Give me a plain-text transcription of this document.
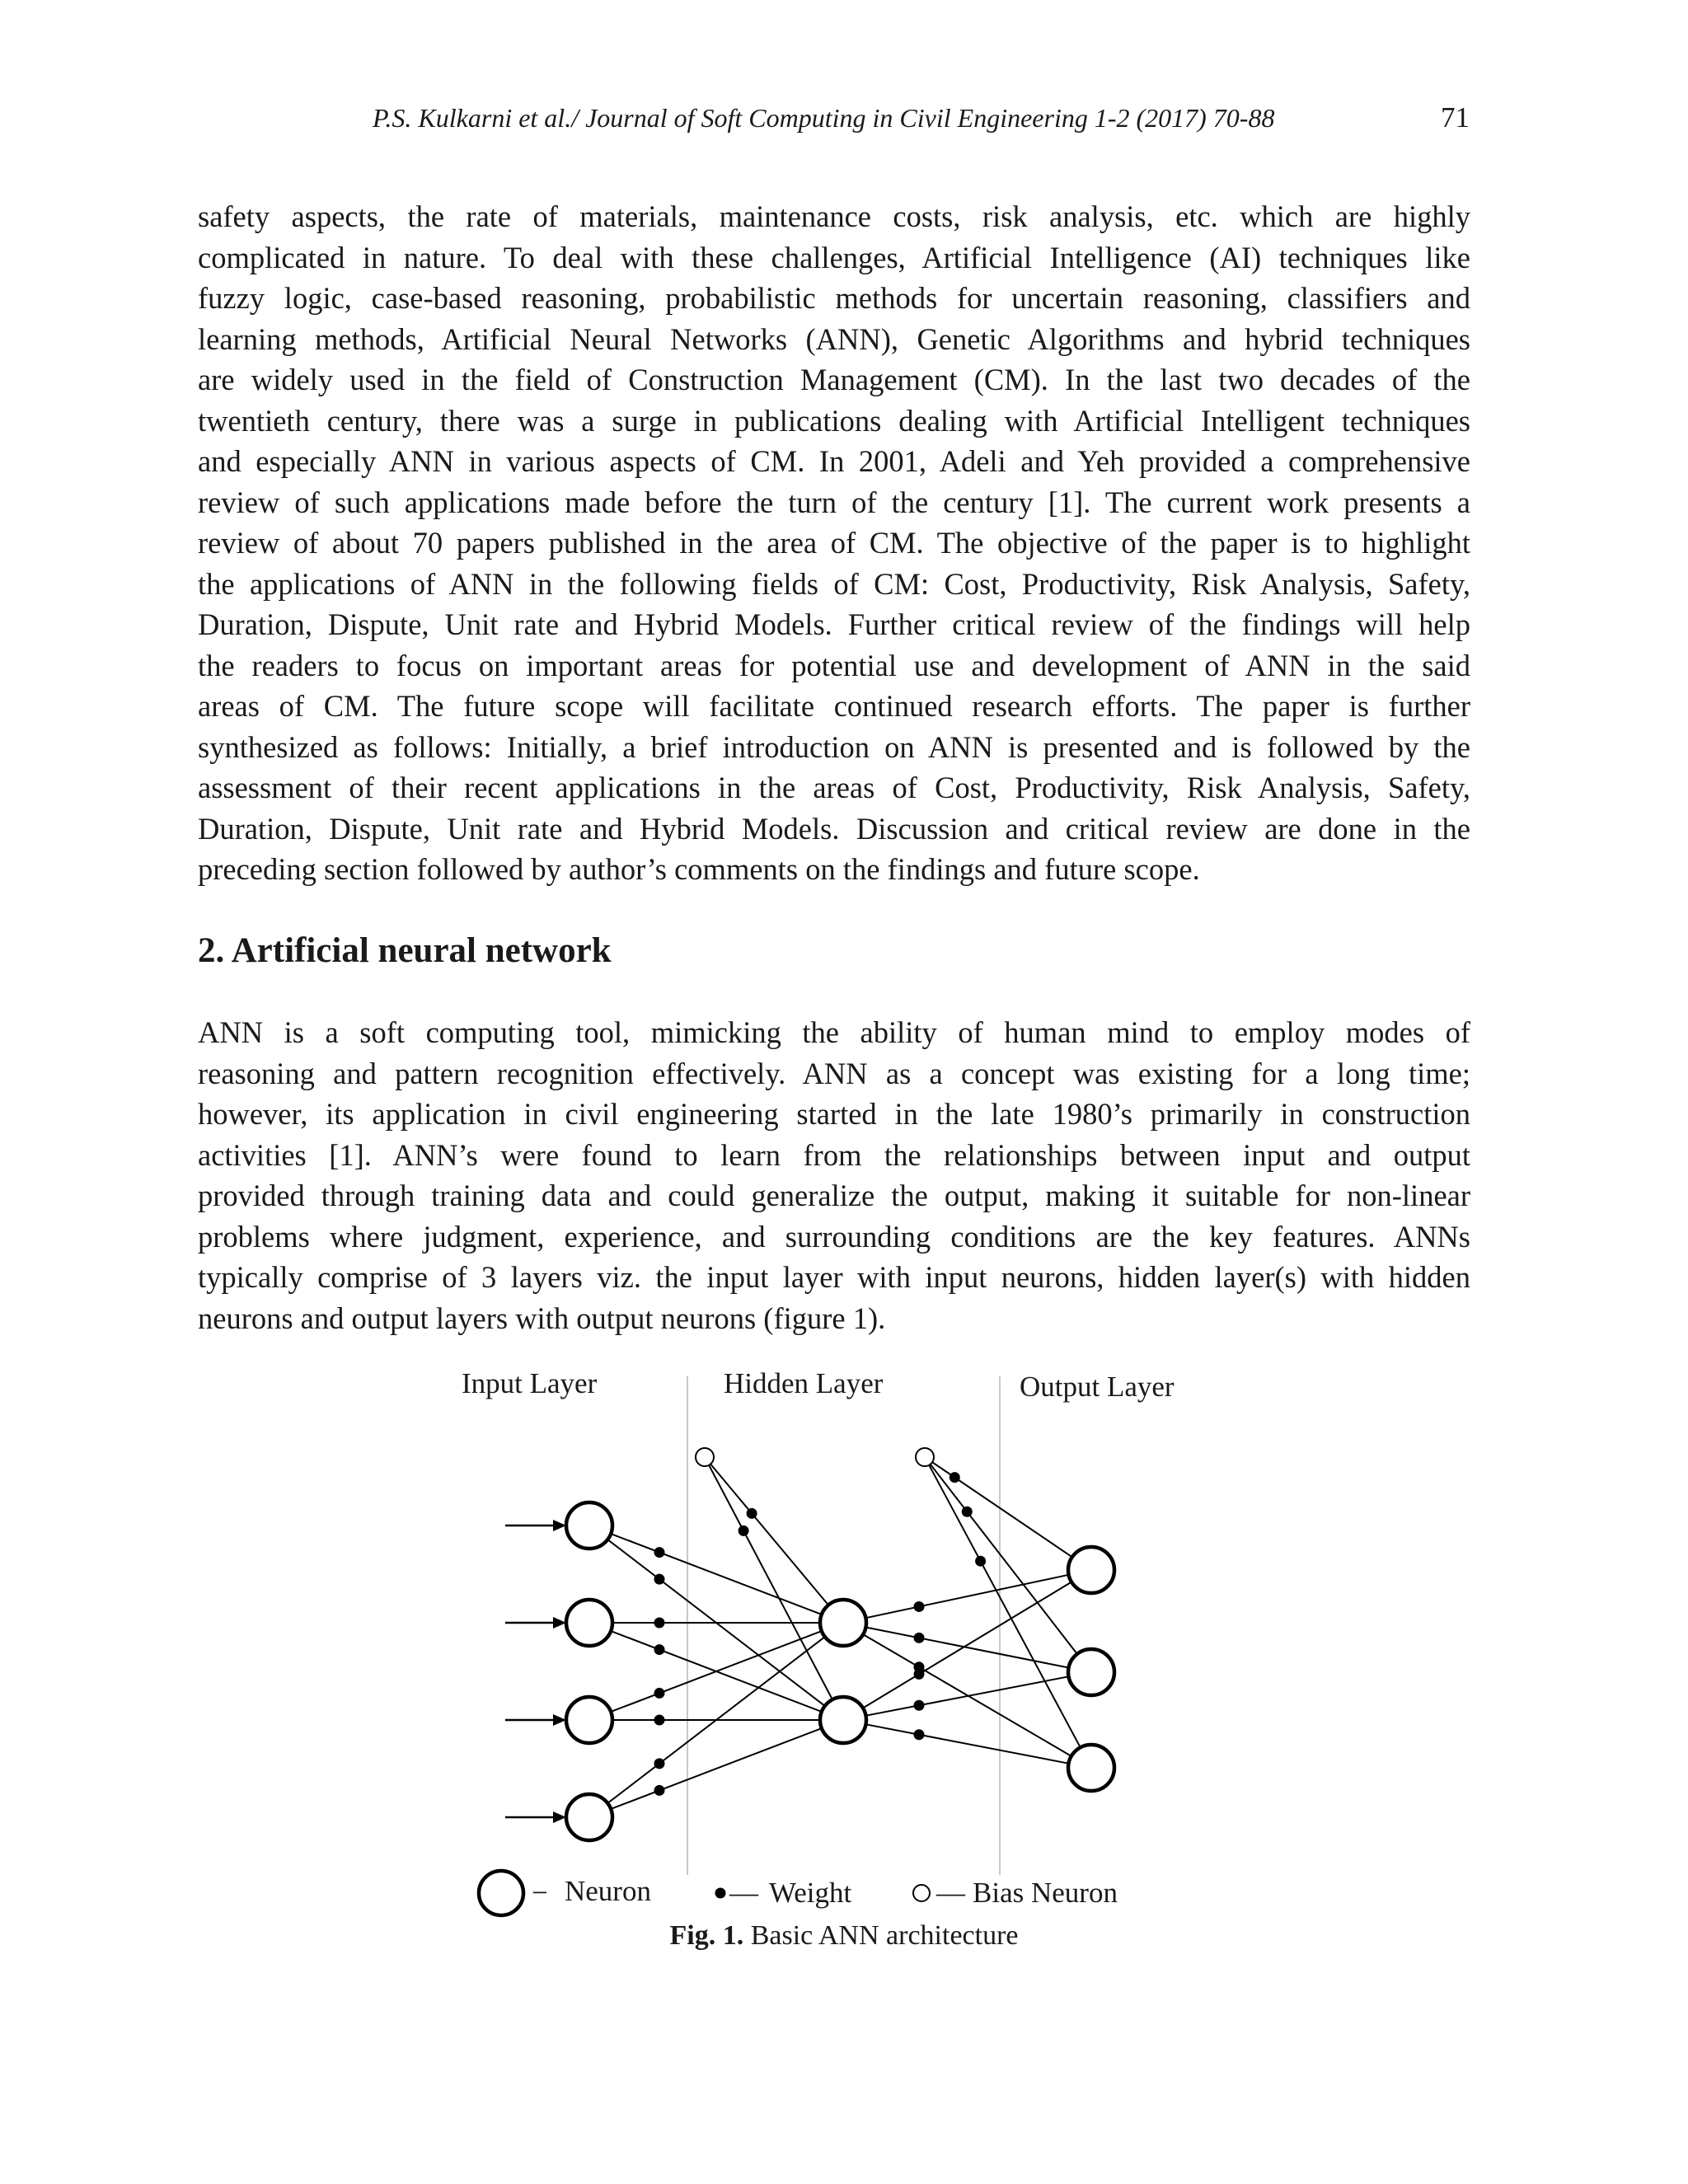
P.S. Kulkarni et al./ Journal of Soft Computing in Civil Engineering 1-2 (2017) 70-88	71

safety aspects, the rate of materials, maintenance costs, risk analysis, etc. which are highly
complicated in nature. To deal with these challenges, Artificial Intelligence (AI) techniques like
fuzzy logic, case-based reasoning, probabilistic methods for uncertain reasoning, classifiers and
learning methods, Artificial Neural Networks (ANN), Genetic Algorithms and hybrid techniques
are widely used in the field of Construction Management (CM). In the last two decades of the
twentieth century, there was a surge in publications dealing with Artificial Intelligent techniques
and especially ANN in various aspects of CM. In 2001, Adeli and Yeh provided a comprehensive
review of such applications made before the turn of the century [1]. The current work presents a
review of about 70 papers published in the area of CM. The objective of the paper is to highlight
the applications of ANN in the following fields of CM: Cost, Productivity, Risk Analysis, Safety,
Duration, Dispute, Unit rate and Hybrid Models. Further critical review of the findings will help
the readers to focus on important areas for potential use and development of ANN in the said
areas of CM. The future scope will facilitate continued research efforts. The paper is further
synthesized as follows: Initially, a brief introduction on ANN is presented and is followed by the
assessment of their recent applications in the areas of Cost, Productivity, Risk Analysis, Safety,
Duration, Dispute, Unit rate and Hybrid Models. Discussion and critical review are done in the
preceding section followed by author’s comments on the findings and future scope.

2. Artificial neural network

ANN is a soft computing tool, mimicking the ability of human mind to employ modes of
reasoning and pattern recognition effectively. ANN as a concept was existing for a long time;
however, its application in civil engineering started in the late 1980’s primarily in construction
activities [1]. ANN’s were found to learn from the relationships between input and output
provided through training data and could generalize the output, making it suitable for non-linear
problems where judgment, experience, and surrounding conditions are the key features. ANNs
typically comprise of 3 layers viz. the input layer with input neurons, hidden layer(s) with hidden
neurons and output layers with output neurons (figure 1).

Input Layer	Hidden Layer	Output Layer
− Neuron	— Weight	— Bias Neuron
Fig. 1. Basic ANN architecture
